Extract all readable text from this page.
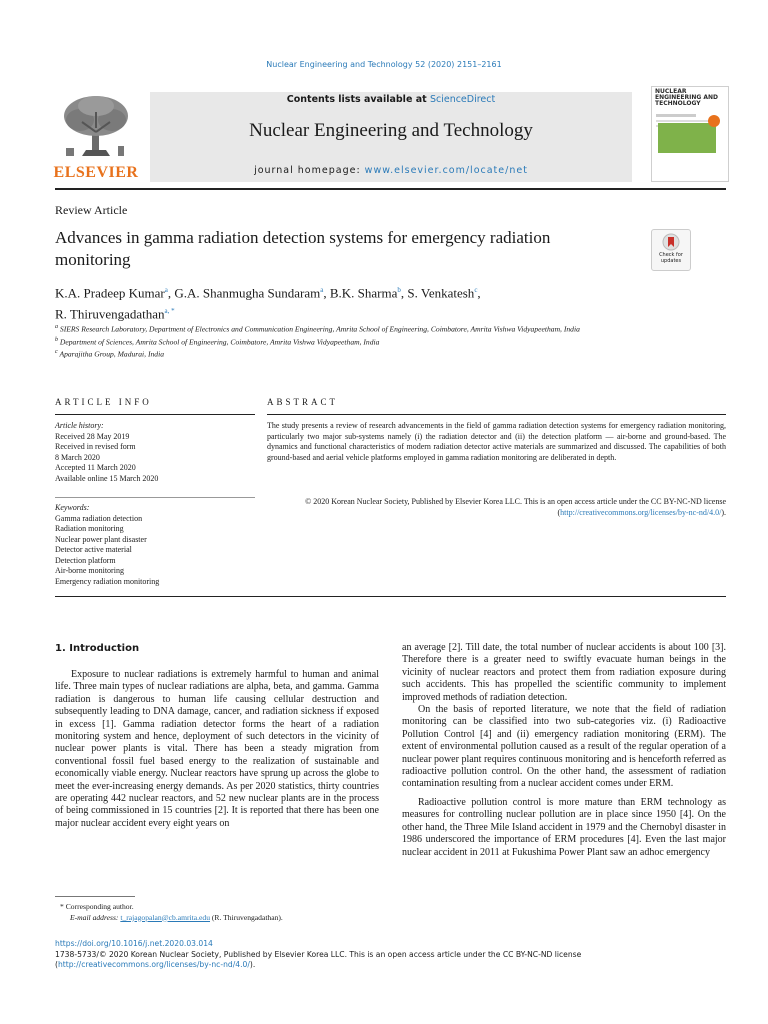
Nuclear Engineering and Technology 52 (2020) 2151–2161
ELSEVIER
Contents lists available at ScienceDirect
Nuclear Engineering and Technology
journal homepage: www.elsevier.com/locate/net
NUCLEAR ENGINEERING AND TECHNOLOGY
Review Article
Advances in gamma radiation detection systems for emergency radiation monitoring	Check for updates
K.A. Pradeep Kumar$^a$, G.A. Shanmugha Sundaram$^a$, B.K. Sharma$^b$, S. Venkatesh$^c$,
R. Thiruvengadathan$^{a, *}$
$^a$ SIERS Research Laboratory, Department of Electronics and Communication Engineering, Amrita School of Engineering, Coimbatore, Amrita Vishwa Vidyapeetham, India
$^b$ Department of Sciences, Amrita School of Engineering, Coimbatore, Amrita Vishwa Vidyapeetham, India
$^c$ Aparajitha Group, Madurai, India
ARTICLE INFO	ABSTRACT
Article history:
Received 28 May 2019
Received in revised form
8 March 2020
Accepted 11 March 2020
Available online 15 March 2020
Keywords:
Gamma radiation detection
Radiation monitoring
Nuclear power plant disaster
Detector active material
Detection platform
Air-borne monitoring
Emergency radiation monitoring
The study presents a review of research advancements in the field of gamma radiation detection systems for emergency radiation monitoring, particularly two major sub-systems namely (i) the radiation detector and (ii) the detection platform — air-borne and ground-based. The dynamics and functional characteristics of modern radiation detector active materials are summarized and discussed. The capabilities of both ground-based and aerial vehicle platforms employed in gamma radiation monitoring are deliberated in depth.
© 2020 Korean Nuclear Society, Published by Elsevier Korea LLC. This is an open access article under the CC BY-NC-ND license (http://creativecommons.org/licenses/by-nc-nd/4.0/).
1. Introduction
Exposure to nuclear radiations is extremely harmful to human and animal life. Three main types of nuclear radiations are alpha, beta, and gamma. Gamma radiation is dangerous to human life causing cellular destruction and subsequently leading to DNA damage, cancer, and radiation sickness if exposed in excess [1]. Gamma radiation detector forms the heart of a radiation monitoring system and hence, deployment of such detectors in the vicinity of nuclear power plants is vital. There has been a steady migration from conventional fossil fuel based energy to the realization of sustainable and economically viable energy. Nuclear reactors have sprung up across the globe to meet the ever-increasing energy demands. As per 2020 statistics, thirty countries are operating 442 nuclear reactors, and 52 new nuclear plants are in the process of being commissioned in 15 countries [2]. It is reported that there has been one major nuclear accident every eight years on

an average [2]. Till date, the total number of nuclear accidents is about 100 [3]. Therefore there is a greater need to swiftly evacuate human beings in the vicinity of nuclear reactors and protect them from radiation exposure during such accidents. This has propelled the scientific community to implement improved methods of radiation detection.

On the basis of reported literature, we note that the field of radiation monitoring can be classified into two sub-categories viz. (i) Radioactive Pollution Control [4] and (ii) emergency radiation monitoring (ERM). The extent of environmental pollution caused as a result of the regular operation of a nuclear power plant requires continuous monitoring and is henceforth referred as radioactive pollution control. On the other hand, the assessment of radiation contamination resulting from a nuclear accident comes under ERM.

Radioactive pollution control is more mature than ERM technology as measures for controlling nuclear pollution are in place since 1950 [4]. On the other hand, the Three Mile Island accident in 1979 and the Chernobyl disaster in 1986 underscored the importance of ERM procedures [4]. Even the last major nuclear accident in 2011 at Fukushima Power Plant saw an adhoc emergency

* Corresponding author.
E-mail address: t_rajagopalan@cb.amrita.edu (R. Thiruvengadathan).
https://doi.org/10.1016/j.net.2020.03.014
1738-5733/© 2020 Korean Nuclear Society, Published by Elsevier Korea LLC. This is an open access article under the CC BY-NC-ND license (http://creativecommons.org/licenses/by-nc-nd/4.0/).
